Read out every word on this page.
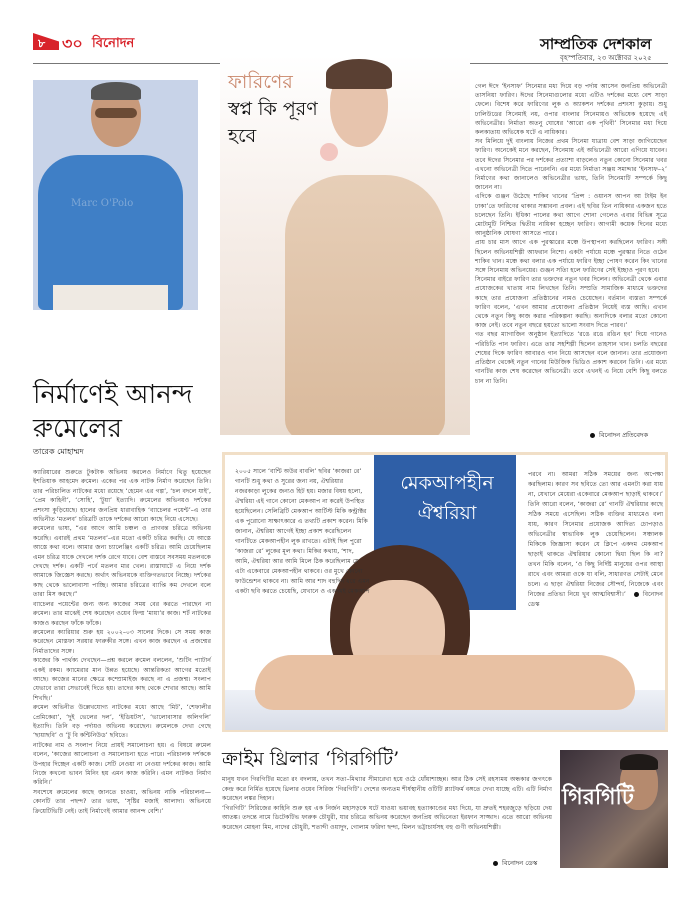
৮ ৩০ বিনোদন	সাম্প্রতিক দেশকাল
বৃহস্পতিবার, ২৩ অক্টোবর ২০২৫
Marc O'Polo
নির্মাণেই আনন্দ রুমেলের
তারেক মোহাম্মদ

ক্যারিয়ারের শুরুতে টুকটাক অভিনয় করলেও নির্মাণে থিতু হয়েছেন ইশতিয়াক আহমেদ রুমেল। একের পর এক নাটক নির্মাণ করেছেন তিনি। তার পরিচালিত নাটকের মধ্যে রয়েছে ‘হেমেন এর গল্প’, ‘চল বদলে যাই’, ‘প্রেম কাহিনী’, ‘সোহি’, ‘টুয়া’ ইত্যাদি। রুমেলের অভিনয়ও দর্শকের প্রশংসা কুড়িয়েছে। হালের জনপ্রিয় ধারাবাহিক ‘ব্যাচেলর পয়েন্ট’–এ তার অভিনীত ‘মতলব’ চরিত্রটি তাকে দর্শকের আরো কাছে নিয়ে এসেছে।

রুমেলের ভাষ্য, “এর আগে আমি চঞ্চল ও প্রাণবন্ত চরিত্রে অভিনয় করেছি। এবারই প্রথম ‘মতলব’–এর মতো একটি চরিত্র করছি। যে আস্তে আস্তে কথা বলে। আমার জন্য চ্যালেঞ্জিং একটি চরিত্র। আমি চেয়েছিলাম এমন চরিত্র যাকে দেখলে দর্শক রেগে যাবে। বেশ বাস্তবে সবসময় মতলবকে দেখছে দর্শক। একটি পর্বে মতলব মার খেল। রাস্তাঘাটে এ নিয়ে দর্শক আমাকে জিজ্ঞেস করছে। অর্থাৎ অভিনয়কে ব্যক্তিগতভাবে নিচ্ছে। দর্শকের কাছ থেকে ভালোবাসা পাচ্ছি। আমার চরিত্রের ব্যাপ্তি কম দেখলে বলে তারা মিস করছে।”

ব্যাচেলর পয়েন্টের জন্য অন্য কাজের সময় বের করতে পারছেন না রুমেল। তার মাঝেই শেষ করেছেন ওয়েব ফিল্ম ‘মায়া’র কাজ। শর্ট নাটকের কাজও করছেন ফাঁকে ফাঁকে।

রুমেলের ক্যারিয়ার শুরু হয় ২০০২–০৩ সালের দিকে। সে সময় কাজ করেছেন মোস্তফা সরয়ার ফারুকীর সঙ্গে। এখন কাজ করছেন এ প্রজন্মের নির্মাতাদের সঙ্গে।

কাজের কি পার্থক্য দেখছেন—প্রশ্ন করলে রুমেল বললেন, ‘শুটিং প্যাটার্ন একই রকম। ক্যামেরার মান উন্নত হয়েছে। আন্তরিকতা আগের মতোই আছে। কাজের মানের ক্ষেত্রে কম্প্রোমাইজ করছে না এ প্রজন্ম। সংলাপ যেভাবে তারা সেভাবেই দিতে হয়। তাদের কাছ থেকে শেখার আছে। আমি শিখছি।’

রুমেল অভিনীত উল্লেখযোগ্য নাটকের মধ্যে আছে ‘মিট’, ‘শেফালীর প্রেমিকেরা’, ‘দুই ভেলের দল’, ‘ইডিয়টস’, ‘ভালোবাসার অলিগলি’ ইত্যাদি। তিনি বড় পর্দায়ও অভিনয় করেছেন। রুমেলকে দেখা গেছে ‘ছায়াছবি’ ও ‘টু বি কন্টিনিউড’ ছবিতে।

নাটকের নাম ও সংলাপ নিয়ে প্রায়ই সমালোচনা হয়। এ বিষয়ে রুমেল বলেন, ‘কাজের আলোচনা ও সমালোচনা হতে পারে। পরিচালক দর্শককে উপহার দিচ্ছেন একটি কাজ। সেটি নেওয়া না নেওয়া দর্শকের কাজ। আমি নিজে কখনো ভাবন মিনিং হয় এমন কাজ করিনি। এমন নাটকও নির্মাণ করিনি।’

সবশেষে রুমেলের কাছে জানতে চাওয়া, অভিনয় নাকি পরিচালনা—কোনটি তার পছন্দ? তার ভাষ্য, ‘সৃষ্টির মজাই আলাদা। অভিনয়ে ক্রিয়েটিভিটি নেই। তাই নির্মাণেই আমার আনন্দ বেশি।’

ফারিণের
স্বপ্ন কি পূরণ হবে

গেল ঈদে ‘ইনসাফ’ সিনেমার মধ্য দিয়ে বড় পর্দায় আসেন জনপ্রিয় অভিনেত্রী তাসনিয়া ফারিণ। ঈদের সিনেমাগুলোর মধ্যে এটিও দর্শকের মধ্যে বেশ সাড়া ফেলে। বিশেষ করে ফারিণের লুক ও অ্যাকশন দর্শকের প্রশংসা কুড়ায়। শুধু ঢালিউডের সিনেমাই নয়, ওপার বাংলার সিনেমায়ও অভিষেক হয়েছে এই অভিনেত্রীর। নির্মাতা অতনু ঘোষের ‘আরো এক পৃথিবী’ সিনেমার মধ্য দিয়ে কলকাতায় অভিষেক ঘটে এ নায়িকার।

সব মিলিয়ে দুই বাংলায় নিজের প্রথম সিনেমা যাত্রায় বেশ সাড়া জাগিয়েছেন ফারিণ। অনেকেই মনে করছেন, সিনেমায় এই অভিনেত্রী আরো এগিয়ে যাবেন। তবে ঈদের সিনেমার পর দর্শকের প্রত্যাশা বাড়লেও নতুন কোনো সিনেমার খবর এখনো অভিনেত্রী দিতে পারেননি। এর মধ্যে নির্মাতা সঞ্জয় সমাদ্দার ‘ইনসাফ–২’ নির্মাণের কথা জানালেও অভিনেত্রীর ভাষ্য, তিনি সিনেমাটি সম্পর্কে কিছু জানেন না।

এদিকে গুঞ্জন উঠেছে শাকিব খানের ‘প্রিন্স : ওয়ানস আপন আ টাইম ইন ঢাকা’তে ফারিণের থাকার সম্ভাবনা প্রবল। এই ছবির তিন নায়িকার একজন হতে চলেছেন তিনি। ইধিকা পালের কথা আগে শোনা গেলেও এবার বিভিন্ন সূত্রে মোটামুটি নিশ্চিত দ্বিতীয় নায়িকা হচ্ছেন ফারিণ। আগামী কয়েক দিনের মধ্যে আনুষ্ঠানিক ঘোষণা আসতে পারে।

প্রায় চার মাস আগে এক পুরস্কারের মঞ্চে উপস্থাপনা করছিলেন ফারিণ। সঙ্গী ছিলেন অভিনয়শিল্পী আফরান নিশো। একটা পর্যায়ে মঞ্চে পুরস্কার নিতে ওঠেন শাকিব খান। মঞ্চে কথা বলার এক পর্যায়ে ফারিণ ইচ্ছা পোষণ করেন কিং খানের সঙ্গে সিনেমায় অভিনয়ের। গুঞ্জন সত্যি হলে ফারিণের সেই ইচ্ছাও পূরণ হবে।

সিনেমার বাইরে ফারিণ তার ভক্তদের নতুন খবর দিলেন। অভিনেত্রী থেকে এবার প্রযোজকের খাতায় নাম লিখছেন তিনি। সম্প্রতি সামাজিক মাধ্যমে ভক্তদের কাছে তার প্রযোজনা প্রতিষ্ঠানের নামও চেয়েছেন। বর্তমান ব্যস্ততা সম্পর্কে ফারিণ বলেন, ‘এখন আমার প্রযোজনা প্রতিষ্ঠান নিয়েই ব্যস্ত আছি। এখান থেকে নতুন কিছু কাজ করার পরিকল্পনা করছি। অন্যদিকে বলার মতো কোনো কাজ নেই। তবে নতুন বছরে হয়তো ভালো সংবাদ দিতে পারব।’

গত বছর ম্যাগাজিন অনুষ্ঠান ইত্যাদিতে ‘রঙে রঙে রঙিন হব’ দিয়ে গানেও পরিচিতি পান ফারিণ। এতে তার সহশিল্পী ছিলেন তাহসান খান। চলতি বছরের শেষের দিকে ফারিণ আবারও গান নিয়ে আসছেন বলে জানান। তার প্রযোজনা প্রতিষ্ঠান থেকেই নতুন গানের মিউজিক ভিডিও প্রকাশ করবেন তিনি। এর মধ্যে গানটির কাজ শেষ করেছেন অভিনেত্রী। তবে এখনই এ নিয়ে বেশি কিছু বলতে চান না তিনি।

বিনোদন প্রতিবেদক
মেকআপহীন ঐশ্বরিয়া
২০০৫ সালে ‘বান্টি অউর বাবলি’ ছবির ‘কাজরা রে’ গানটি শুধু কথা ও সুরের জন্য নয়, ঐশ্বরিয়ার নজরকাড়া লুকের জন্যও হিট হয়। মজার বিষয় হলো, ঐশ্বরিয়া এই গানে কোনো মেকআপ না করেই উপস্থিত হয়েছিলেন। সেলিব্রিটি মেকআপ আর্টিস্ট মিকি কন্ট্রাক্টর এক পুরোনো সাক্ষাৎকারে এ তথ্যটি প্রকাশ করেন। মিকি জানান, ঐশ্বরিয়া আগেই ইচ্ছা প্রকাশ করেছিলেন গানটিতে মেকআপহীন লুক রাখতে। এটাই ছিল পুরো ‘কাজরা রে’ লুকের মূল কথা। মিকির কথায়, ‘শাদ, আমি, ঐশ্বরিয়া আর আমি মিলে ঠিক করেছিলাম যে এটা একেবারে মেকআপহীন থাকবে। ওর মুখে কোনো ফাউন্ডেশন থাকবে না। আমি আর শাদ বহুদিন ধরে এমন একটা ছবি করতে চেয়েছি, যেখানে ও একদমই মেকআপ
পরবে না। আমরা সঠিক সময়ের জন্য অপেক্ষা করছিলাম। কারণ সব ছবিতে তো আর এমনটা করা যায় না, যেখানে মেয়েরা একেবারে মেকআপ ছাড়াই থাকবে।’ তিনি আরো বলেন, ‘কাজরা রে’ গানটি ঐশ্বরিয়ার কাছে সঠিক সময়ে এসেছিল। সঠিক ব্যক্তির মাধ্যমেও বলা যায়, কারণ সিনেমার প্রযোজক আদিত্য চোপড়াও অভিনেত্রীর স্বাভাবিক লুক চেয়েছিলেন। সঞ্চালক মিকিকে জিজ্ঞাসা করেন যে ক্লিপে একদম মেকআপ ছাড়াই থাকতে ঐশ্বরিয়ার কোনো দ্বিধা ছিল কি না? তখন মিকি বলেন, ‘ও কিছু নির্দিষ্ট মানুষের ওপর আস্থা রাখে এবং আমরা ওকে যা বলি, সাধারণত সেটাই মেনে চলে। এ ছাড়া ঐশ্বরিয়া নিজের সৌন্দর্য, নিজেকে এবং নিজের প্রতিভা নিয়ে খুব আত্মবিশ্বাসী।’	বিনোদন ডেস্ক
ক্রাইম থ্রিলার ‘গিরগিটি’

মানুষ যখন গিরগিটির মতো রং বদলায়, তখন সত্য–মিথ্যার সীমারেখা হয়ে ওঠে ধোঁয়াশাচ্ছন্ন। আর ঠিক সেই রহস্যময় অন্ধকার জগৎকে কেন্দ্র করে নির্মিত হয়েছে থ্রিলার ওয়েব সিরিজ ‘গিরগিটি’। দেশের অন্যতম শীর্ষস্থানীয় ওটিটি প্ল্যাটফর্ম বঙ্গতে দেখা যাচ্ছে এটি। এটি নির্মাণ করেছেন লঙ্কর দিহান।

‘গিরগিটি’ সিরিজের কাহিনি শুরু হয় এক নির্জন মহাসড়কে ঘটে যাওয়া ভয়াবহ হত্যাকাণ্ডের মধ্য দিয়ে, যা দ্রুতই শহরজুড়ে ছড়িয়ে দেয় আতঙ্ক। তদন্তে নামে ডিটেকটিভ ফারুক চৌধুরী, যার চরিত্রে অভিনয় করেছেন জনপ্রিয় অভিনেতা ইরফান সাজ্জাদ। এতে আরো অভিনয় করেছেন মোহনা মিম, নাদের চৌধুরী, শতাব্দী ওয়াদুদ, গোলাম ফরিদা ছন্দা, মিলন ভট্টাচার্যসহ বহু গুণী অভিনয়শিল্পী।

বিনোদন ডেস্ক
গিরগিটি
